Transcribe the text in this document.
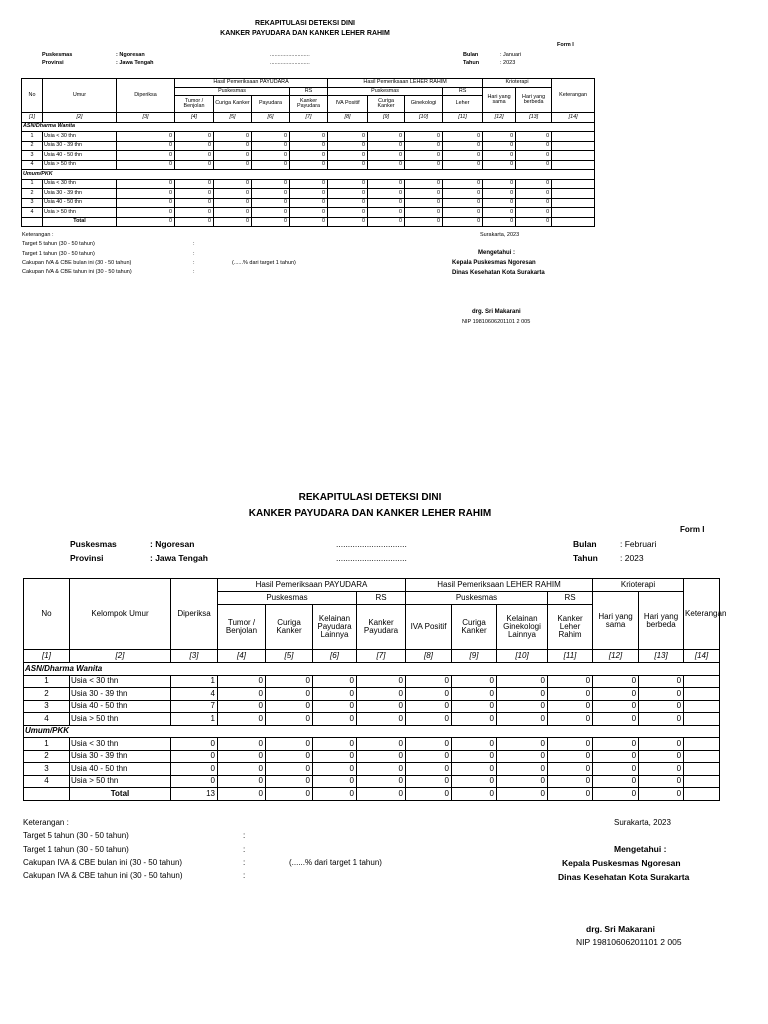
REKAPITULASI DETEKSI DINI
KANKER PAYUDARA DAN KANKER LEHER RAHIM
Form I
Puskesmas	: Ngoresan
Provinsi	: Jawa Tengah
..........................
..........................
Bulan	: Januari
Tahun	: 2023
No	Umur	Diperiksa	Hasil Pemeriksaan PAYUDARA				Hasil Pemeriksaan LEHER RAHIM				Krioterapi		Keterangan
			Puskesmas			RS	Puskesmas			RS	Hari yang sama	Hari yang berbeda	
			Tumor / Benjolan	Curiga Kanker	Payudara	Kanker Payudara	IVA Positif	Curiga Kanker	Ginekologi	Leher			
[1]	[2]	[3]	[4]	[5]	[6]	[7]	[8]	[9]	[10]	[11]	[12]	[13]	[14]
ASN/Dharma Wanita													
1	Usia < 30 thn	0	0	0	0	0	0	0	0	0	0	0	
2	Usia 30 - 39 thn	0	0	0	0	0	0	0	0	0	0	0	
3	Usia 40 - 50 thn	0	0	0	0	0	0	0	0	0	0	0	
4	Usia > 50 thn	0	0	0	0	0	0	0	0	0	0	0	
Umum/PKK													
1	Usia < 30 thn	0	0	0	0	0	0	0	0	0	0	0	
2	Usia 30 - 39 thn	0	0	0	0	0	0	0	0	0	0	0	
3	Usia 40 - 50 thn	0	0	0	0	0	0	0	0	0	0	0	
4	Usia > 50 thn	0	0	0	0	0	0	0	0	0	0	0	
	Total	0	0	0	0	0	0	0	0	0	0	0	
Keterangan :
Target 5 tahun (30 - 50 tahun)
Target 1 tahun (30 - 50 tahun)
Cakupan IVA & CBE bulan ini (30 - 50 tahun)
Cakupan IVA & CBE tahun ini (30 - 50 tahun)
:
:
:
:
(......% dari target 1 tahun)
Surakarta, 2023
Mengetahui :
Kepala Puskesmas Ngoresan
Dinas Kesehatan Kota Surakarta
drg. Sri Makarani
NIP 19810606201101 2 005
REKAPITULASI DETEKSI DINI
KANKER PAYUDARA DAN KANKER LEHER RAHIM
Form I
Puskesmas	: Ngoresan
Provinsi	: Jawa Tengah
..............................
..............................
Bulan	: Februari
Tahun	: 2023
No	Kelompok Umur	Diperiksa	Hasil Pemeriksaan PAYUDARA				Hasil Pemeriksaan LEHER RAHIM				Krioterapi		Keterangan
			Puskesmas			RS	Puskesmas			RS	Hari yang sama	Hari yang berbeda	
			Tumor / Benjolan	Curiga Kanker	Kelainan Payudara Lainnya	Kanker Payudara	IVA Positif	Curiga Kanker	Kelainan Ginekologi Lainnya	Kanker Leher Rahim			
[1]	[2]	[3]	[4]	[5]	[6]	[7]	[8]	[9]	[10]	[11]	[12]	[13]	[14]
ASN/Dharma Wanita													
1	Usia < 30 thn	1	0	0	0	0	0	0	0	0	0	0	
2	Usia 30 - 39 thn	4	0	0	0	0	0	0	0	0	0	0	
3	Usia 40 - 50 thn	7	0	0	0	0	0	0	0	0	0	0	
4	Usia > 50 thn	1	0	0	0	0	0	0	0	0	0	0	
Umum/PKK													
1	Usia < 30 thn	0	0	0	0	0	0	0	0	0	0	0	
2	Usia 30 - 39 thn	0	0	0	0	0	0	0	0	0	0	0	
3	Usia 40 - 50 thn	0	0	0	0	0	0	0	0	0	0	0	
4	Usia > 50 thn	0	0	0	0	0	0	0	0	0	0	0	
	Total	13	0	0	0	0	0	0	0	0	0	0	
Keterangan :
Target 5 tahun (30 - 50 tahun)
Target 1 tahun (30 - 50 tahun)
Cakupan IVA & CBE bulan ini (30 - 50 tahun)
Cakupan IVA & CBE tahun ini (30 - 50 tahun)
:
:
:
:
(......% dari target 1 tahun)
Surakarta, 2023
Mengetahui :
Kepala Puskesmas Ngoresan
Dinas Kesehatan Kota Surakarta
drg. Sri Makarani
NIP 19810606201101 2 005
